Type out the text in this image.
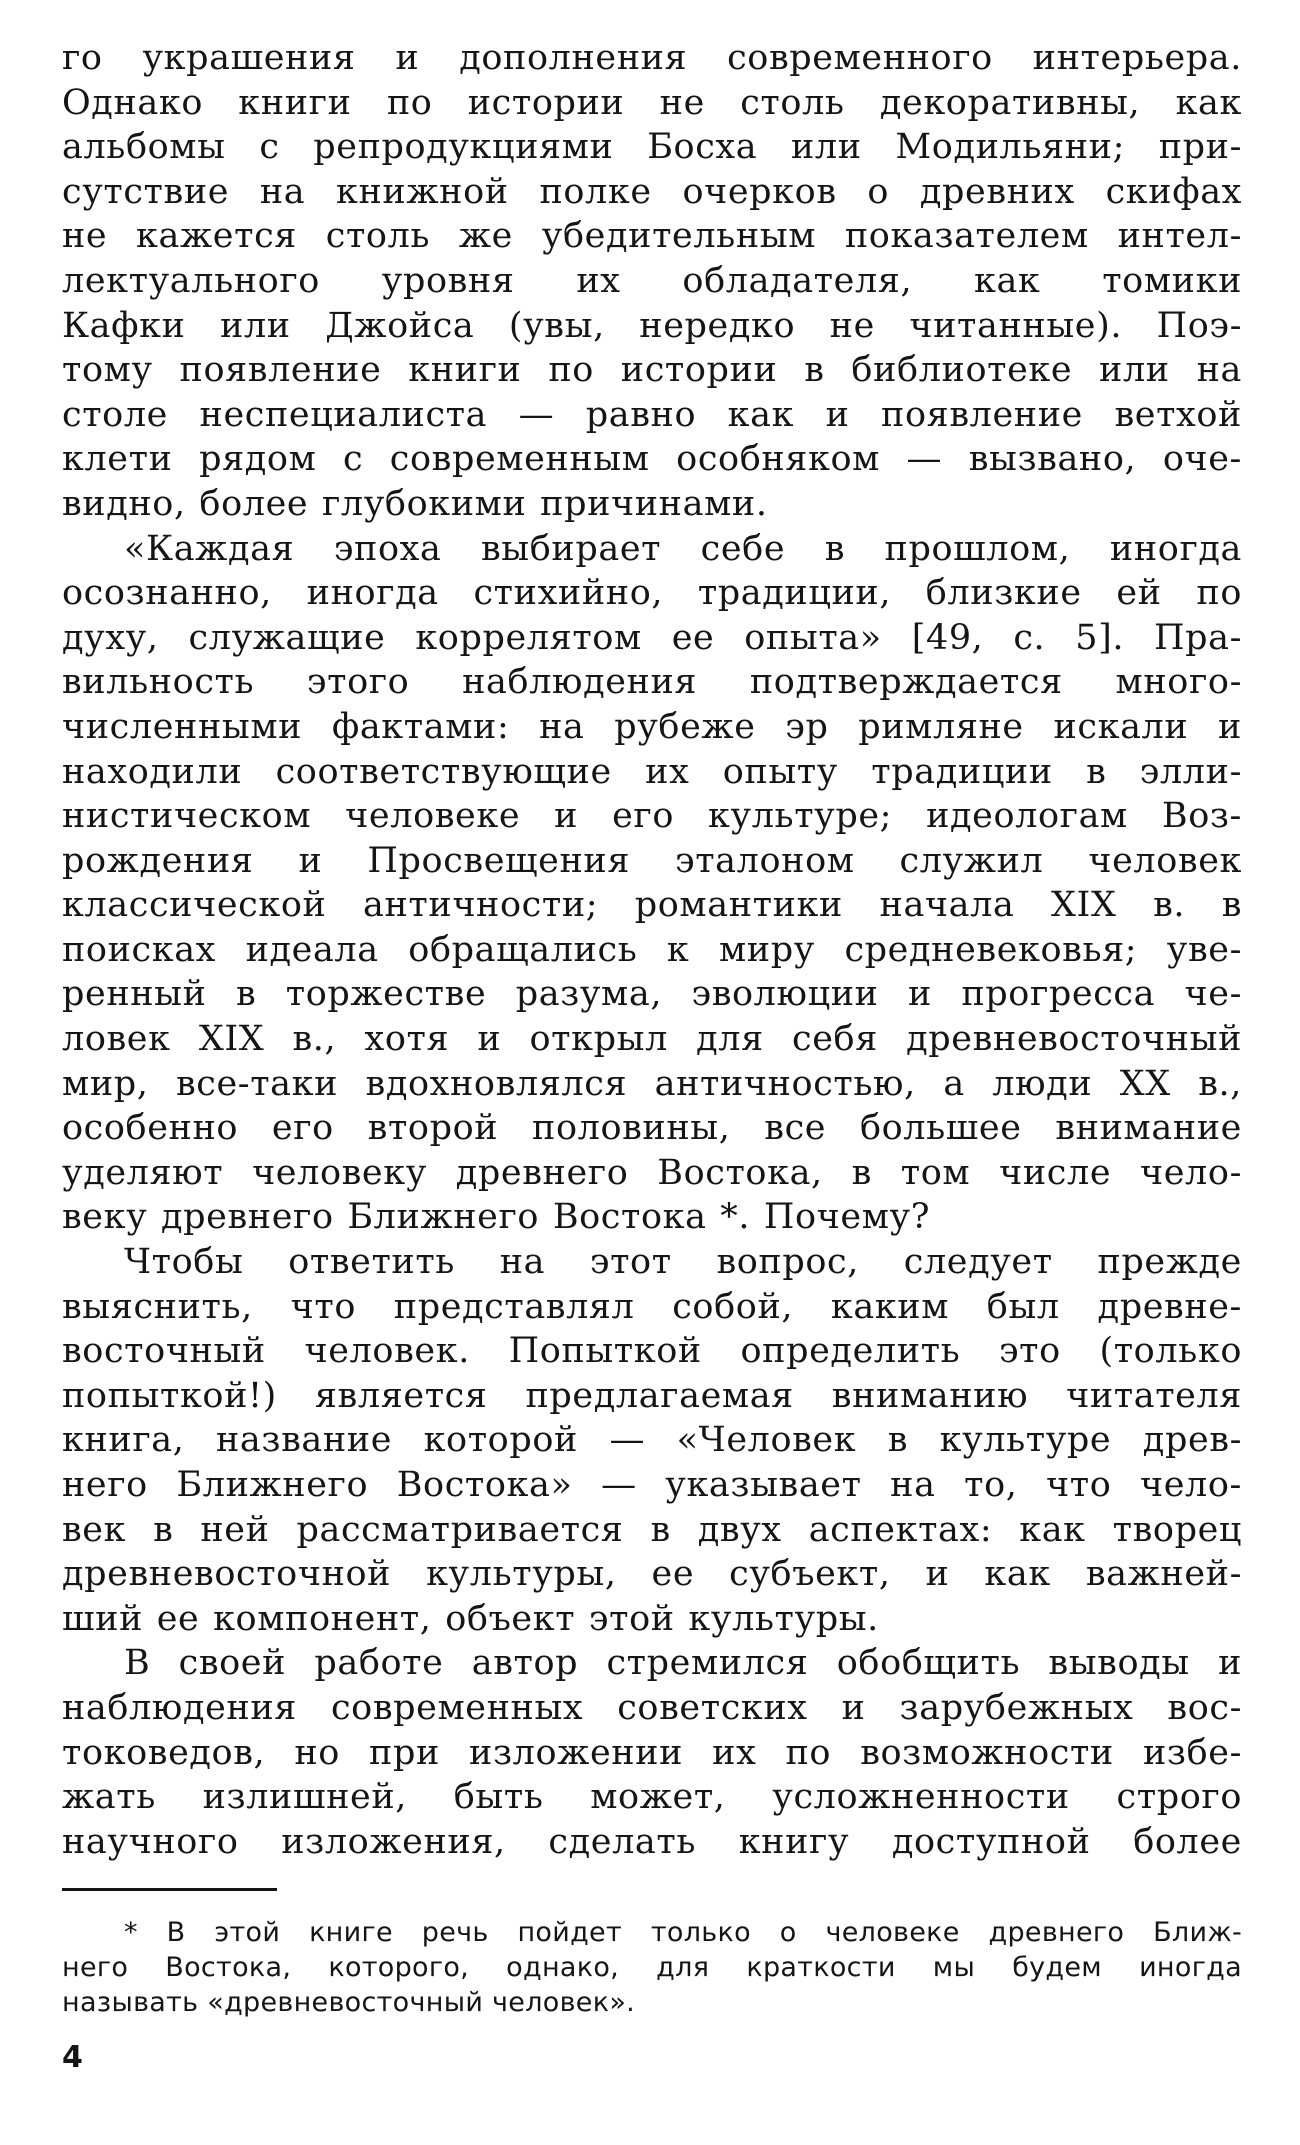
го украшения и дополнения современного интерьера.
Однако книги по истории не столь декоративны, как
альбомы с репродукциями Босха или Модильяни; при-
сутствие на книжной полке очерков о древних скифах
не кажется столь же убедительным показателем интел-
лектуального уровня их обладателя, как томики
Кафки или Джойса (увы, нередко не читанные). Поэ-
тому появление книги по истории в библиотеке или на
столе неспециалиста — равно как и появление ветхой
клети рядом с современным особняком — вызвано, оче-
видно, более глубокими причинами.

«Каждая эпоха выбирает себе в прошлом, иногда
осознанно, иногда стихийно, традиции, близкие ей по
духу, служащие коррелятом ее опыта» [49, с. 5]. Пра-
вильность этого наблюдения подтверждается много-
численными фактами: на рубеже эр римляне искали и
находили соответствующие их опыту традиции в элли-
нистическом человеке и его культуре; идеологам Воз-
рождения и Просвещения эталоном служил человек
классической античности; романтики начала XIX в. в
поисках идеала обращались к миру средневековья; уве-
ренный в торжестве разума, эволюции и прогресса че-
ловек XIX в., хотя и открыл для себя древневосточный
мир, все-таки вдохновлялся античностью, а люди XX в.,
особенно его второй половины, все большее внимание
уделяют человеку древнего Востока, в том числе чело-
веку древнего Ближнего Востока *. Почему?

Чтобы ответить на этот вопрос, следует прежде
выяснить, что представлял собой, каким был древне-
восточный человек. Попыткой определить это (только
попыткой!) является предлагаемая вниманию читателя
книга, название которой — «Человек в культуре древ-
него Ближнего Востока» — указывает на то, что чело-
век в ней рассматривается в двух аспектах: как творец
древневосточной культуры, ее субъект, и как важней-
ший ее компонент, объект этой культуры.

В своей работе автор стремился обобщить выводы и
наблюдения современных советских и зарубежных вос-
токоведов, но при изложении их по возможности избе-
жать излишней, быть может, усложненности строго
научного изложения, сделать книгу доступной более

* В этой книге речь пойдет только о человеке древнего Ближ-
него Востока, которого, однако, для краткости мы будем иногда
называть «древневосточный человек».
4
